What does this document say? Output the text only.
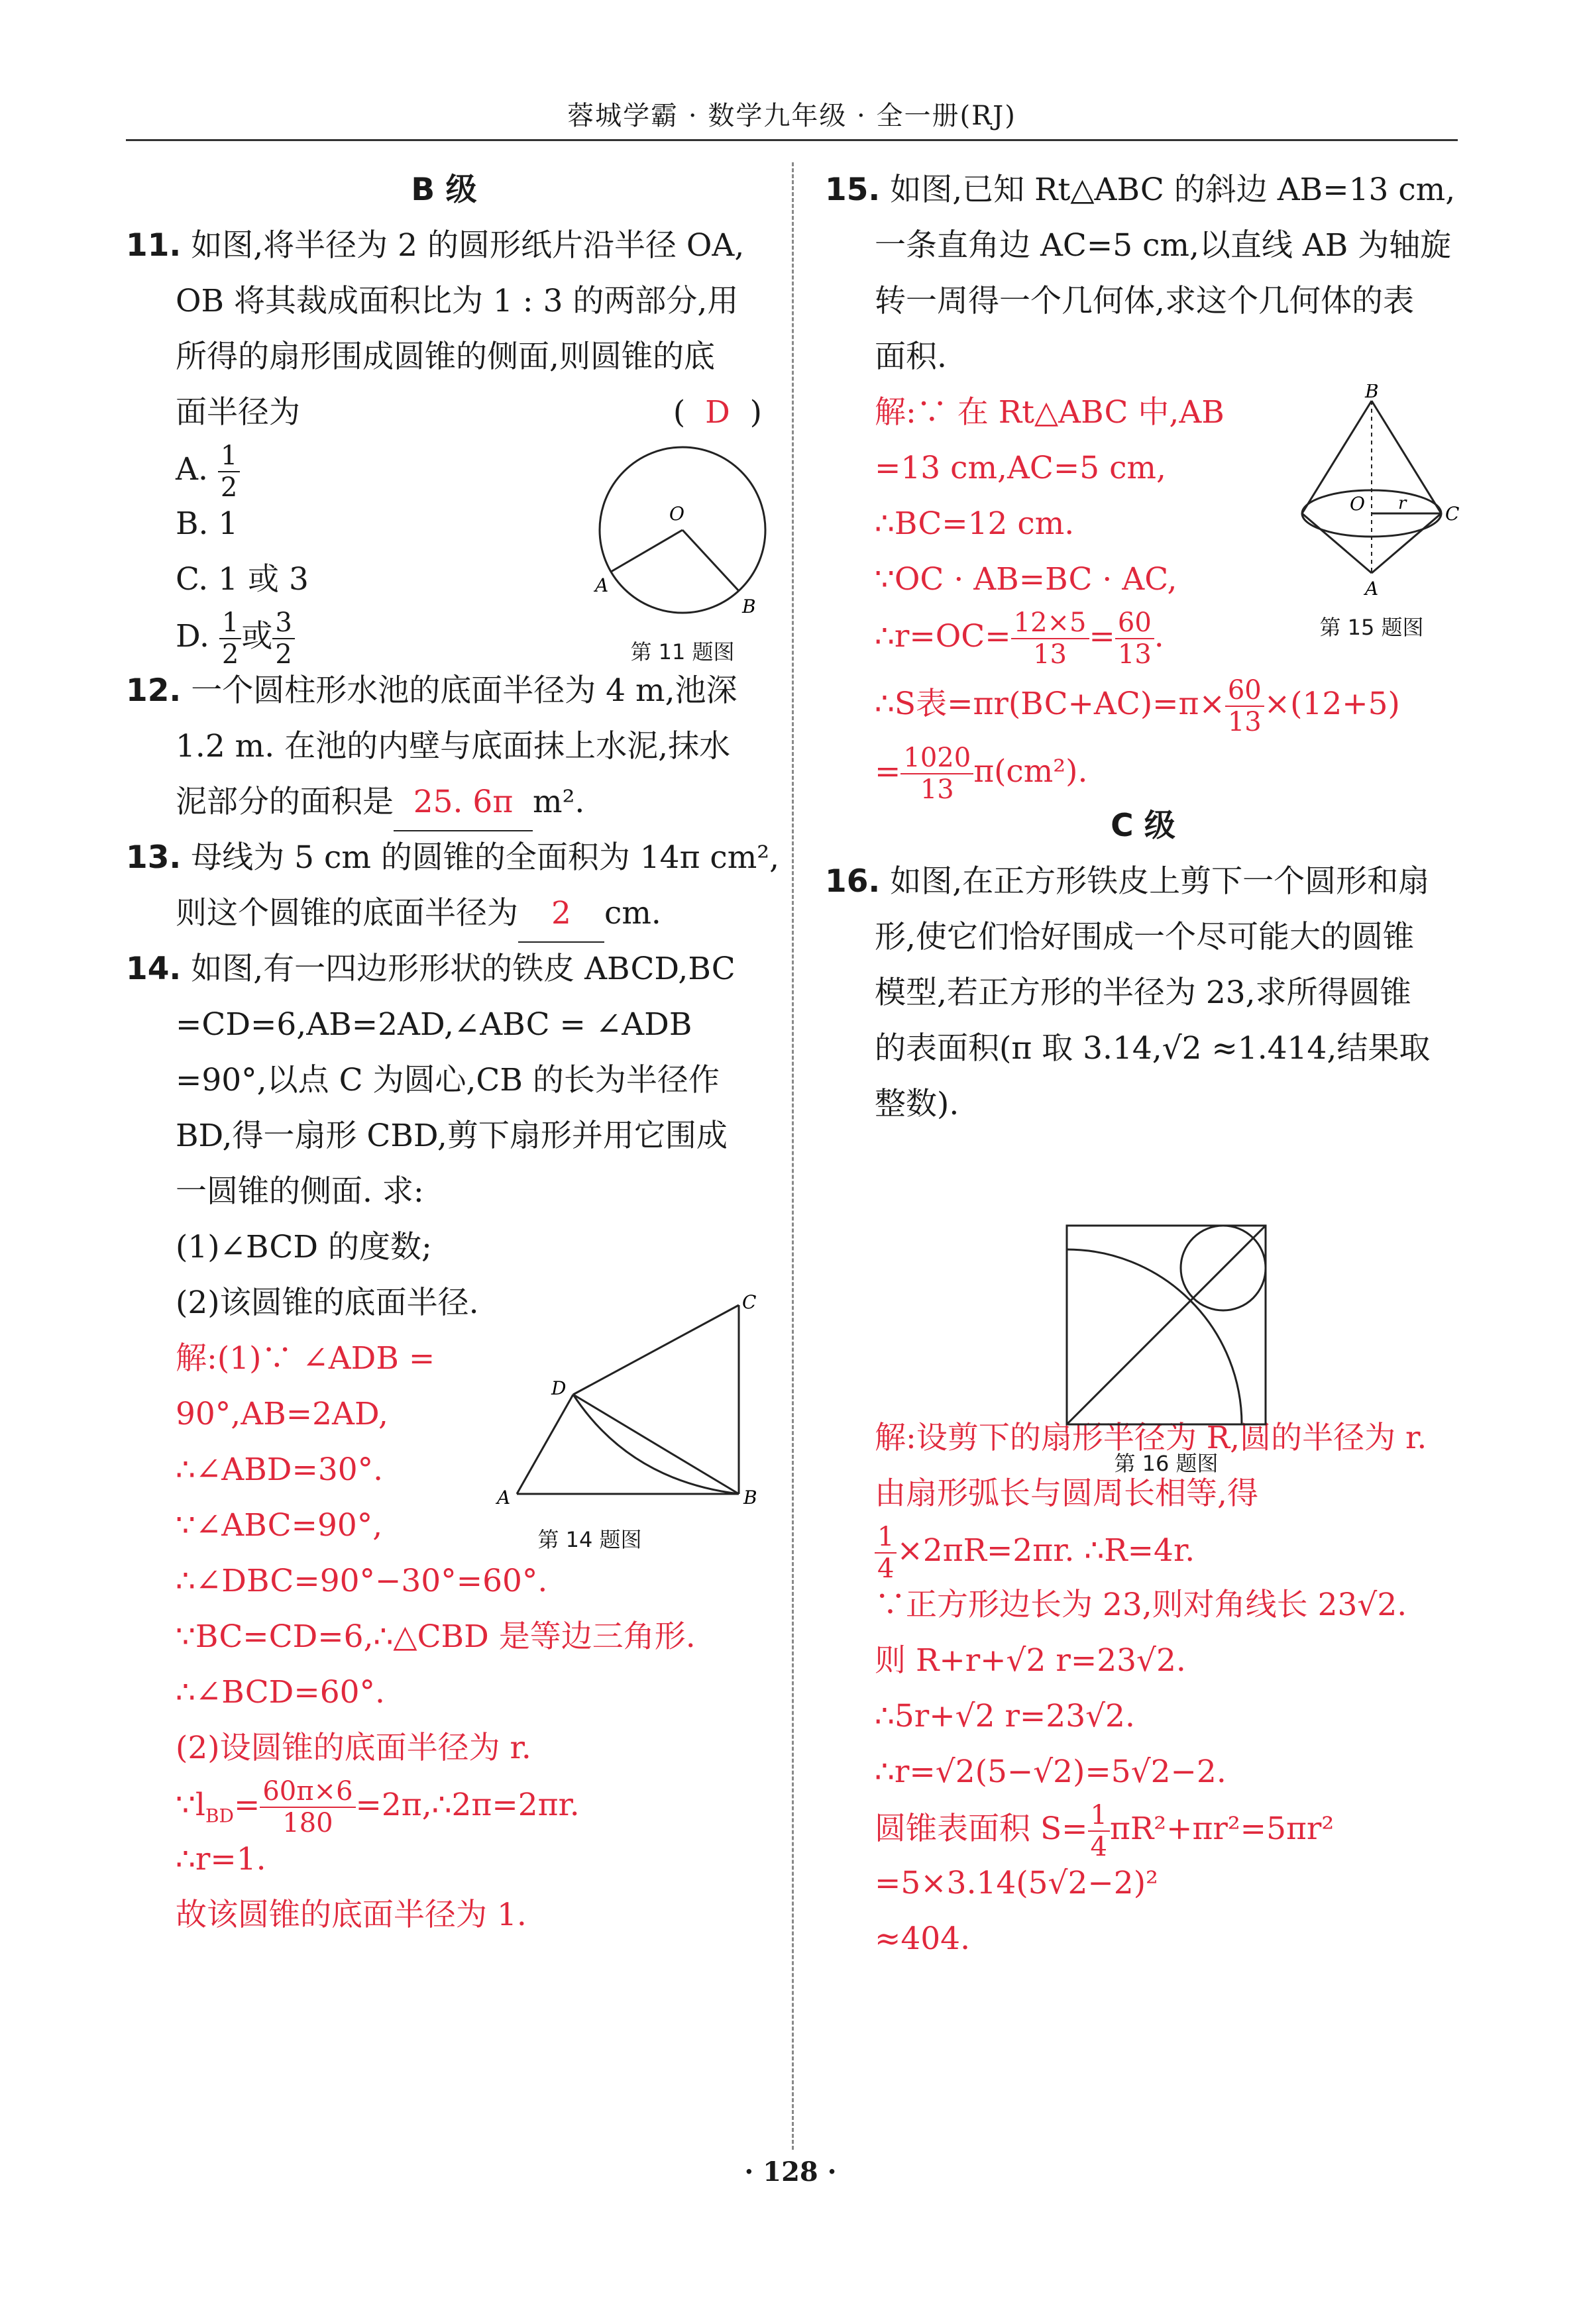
蓉城学霸 · 数学九年级 · 全一册(RJ)
B 级
11. 如图,将半径为 2 的圆形纸片沿半径 OA,
OB 将其裁成面积比为 1 : 3 的两部分,用
所得的扇形围成圆锥的侧面,则圆锥的底
面半径为	(  D  )
A. $\frac{1}{2}$
B. 1
C. 1 或 3
D. $\frac{1}{2}$ 或 $\frac{3}{2}$
12. 一个圆柱形水池的底面半径为 4 m,池深
1.2 m. 在池的内壁与底面抹上水泥,抹水
泥部分的面积是 25. 6π m².
13. 母线为 5 cm 的圆锥的全面积为 14π cm²,
则这个圆锥的底面半径为 2 cm.
14. 如图,有一四边形形状的铁皮 ABCD,BC
=CD=6,AB=2AD,∠ABC = ∠ADB
=90°,以点 C 为圆心,CB 的长为半径作
BD,得一扇形 CBD,剪下扇形并用它围成
一圆锥的侧面. 求:
(1)∠BCD 的度数;
(2)该圆锥的底面半径.
解:(1)∵ ∠ADB =
90°,AB=2AD,
∴∠ABD=30°.
∵∠ABC=90°,
∴∠DBC=90°−30°=60°.
∵BC=CD=6,∴△CBD 是等边三角形.
∴∠BCD=60°.
(2)设圆锥的底面半径为 r.
$\because l_{BD}= \frac{60\pi\times 6}{180}$ =2π,∴2π=2πr.
∴r=1.
故该圆锥的底面半径为 1.
O
A
B
第 11 题图
A	B
C
D
第 14 题图
15. 如图,已知 Rt△ABC 的斜边 AB=13 cm,
一条直角边 AC=5 cm,以直线 AB 为轴旋
转一周得一个几何体,求这个几何体的表
面积.
解:∵ 在 Rt△ABC 中,AB
=13 cm,AC=5 cm,
∴BC=12 cm.
∵OC · AB=BC · AC,
∴r=OC= $\frac{12\times 5}{13} = \frac{60}{13}$ .
∴S表$=\pi r(BC+AC)=\pi\times \frac{60}{13} \times(12+5)$
= $\frac{1020}{13} \pi(cm^2)$.
C 级
16. 如图,在正方形铁皮上剪下一个圆形和扇
形,使它们恰好围成一个尽可能大的圆锥
模型,若正方形的半径为 23,求所得圆锥
的表面积(π 取 3.14,√2 ≈1.414,结果取
整数).
解:设剪下的扇形半径为 R,圆的半径为 r.
由扇形弧长与圆周长相等,得
$\frac{1}{4} \times 2\pi R=2\pi r$. ∴R=4r.
∵正方形边长为 23,则对角线长 23√2.
则 R+r+√2 r=23√2.
∴5r+√2 r=23√2.
∴r=√2(5−√2)=5√2−2.
圆锥表面积 $S= \frac{1}{4} \pi R^2+\pi r^2=5\pi r^2$
=5×3.14(5√2−2)²
≈404.
B
A
C
O r
第 15 题图
第 16 题图
· 128 ·
